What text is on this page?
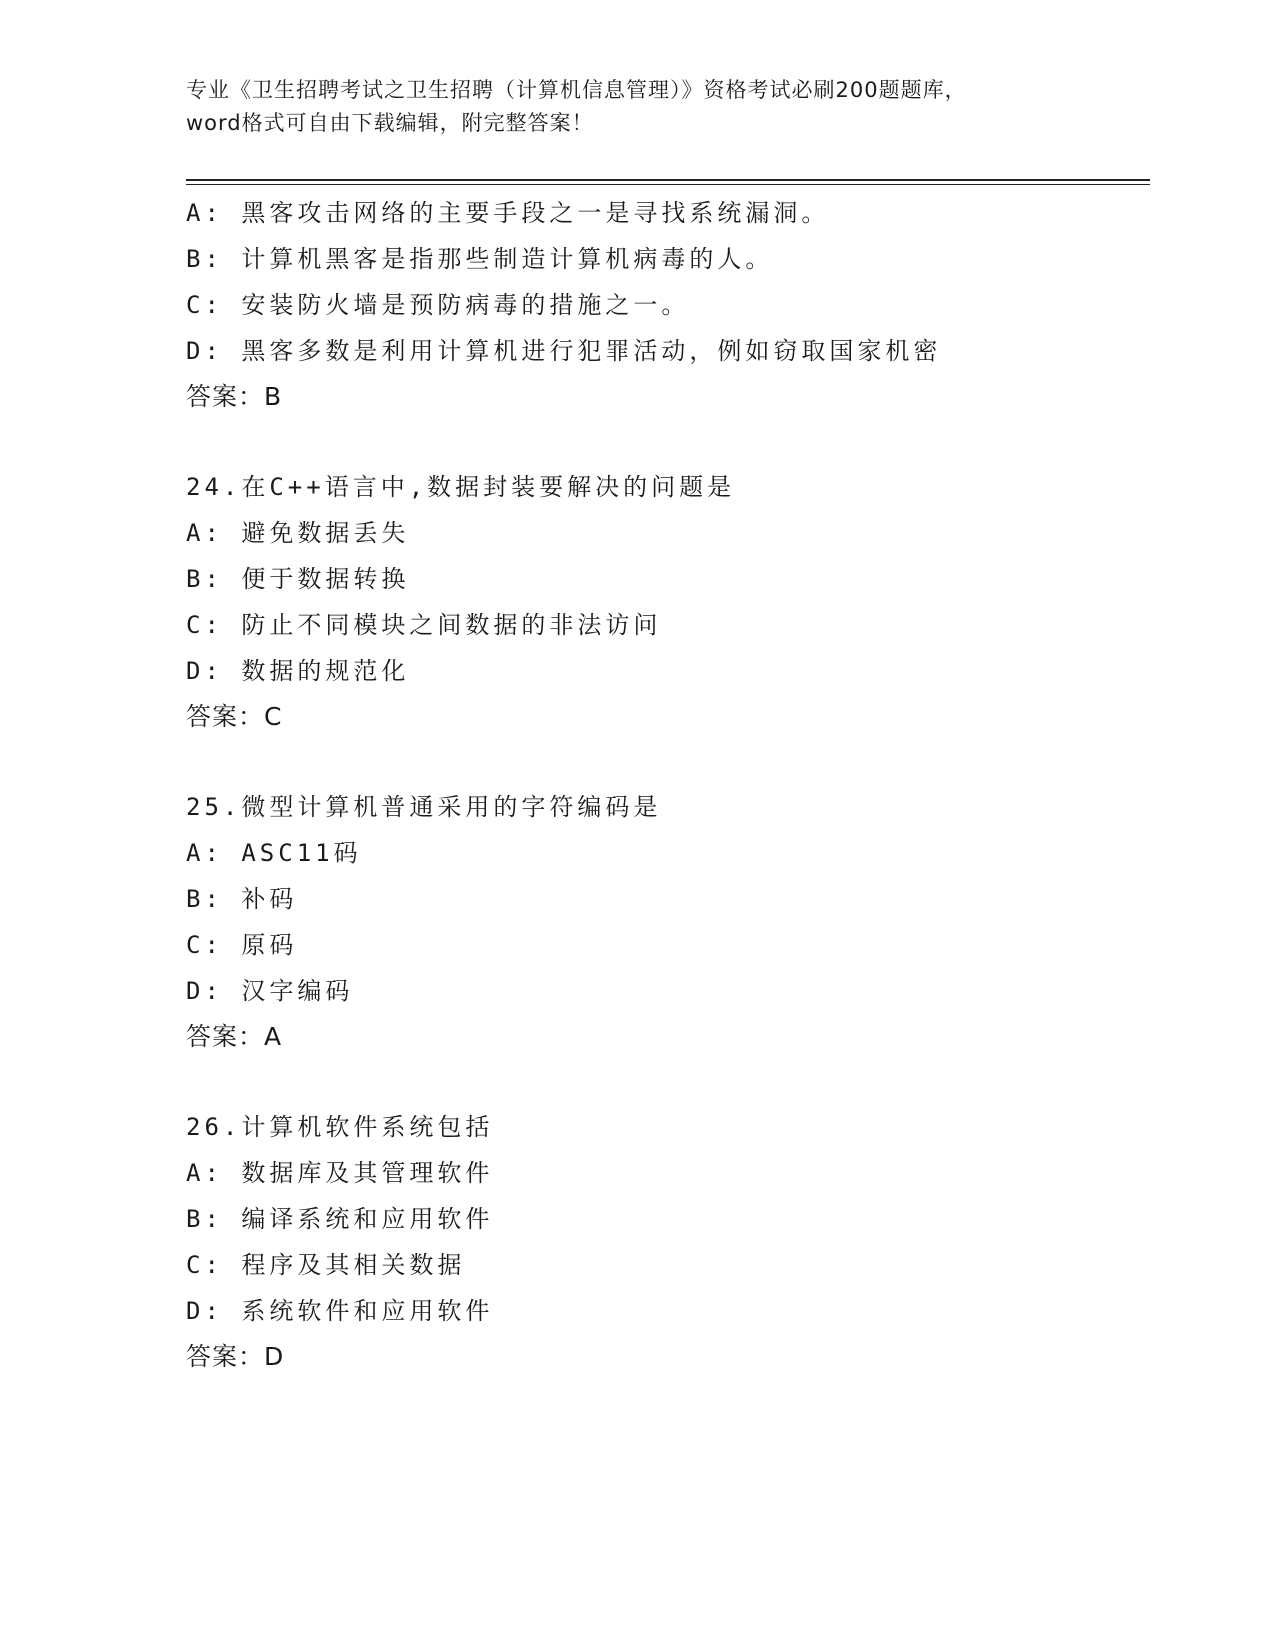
专业《卫生招聘考试之卫生招聘（计算机信息管理）》资格考试必刷200题题库，
word格式可自由下载编辑，附完整答案！
A: 黑客攻击网络的主要手段之一是寻找系统漏洞。
B: 计算机黑客是指那些制造计算机病毒的人。
C: 安装防火墙是预防病毒的措施之一。
D: 黑客多数是利用计算机进行犯罪活动，例如窃取国家机密
答案：B
24.在C++语言中,数据封装要解决的问题是
A: 避免数据丢失
B: 便于数据转换
C: 防止不同模块之间数据的非法访问
D: 数据的规范化
答案：C
25.微型计算机普通采用的字符编码是
A: ASC11码
B: 补码
C: 原码
D: 汉字编码
答案：A
26.计算机软件系统包括
A: 数据库及其管理软件
B: 编译系统和应用软件
C: 程序及其相关数据
D: 系统软件和应用软件
答案：D
